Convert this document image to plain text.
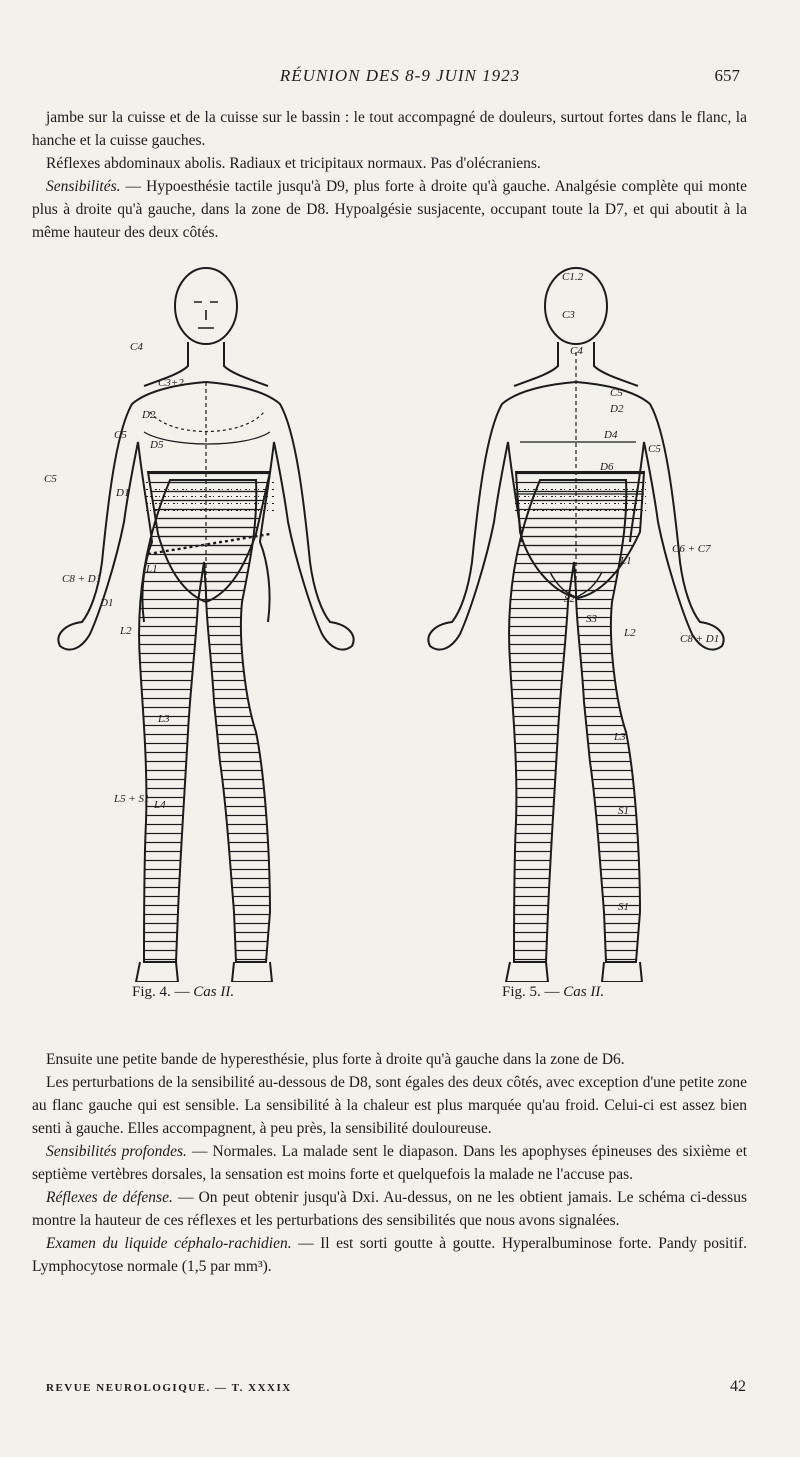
RÉUNION DES 8-9 JUIN 1923	657

jambe sur la cuisse et de la cuisse sur le bassin : le tout accompagné de douleurs, surtout fortes dans le flanc, la hanche et la cuisse gauches.

Réflexes abdominaux abolis. Radiaux et tricipitaux normaux. Pas d'olécraniens.

Sensibilités. — Hypoesthésie tactile jusqu'à D9, plus forte à droite qu'à gauche. Analgésie complète qui monte plus à droite qu'à gauche, dans la zone de D8. Hypoalgésie susjacente, occupant toute la D7, et qui aboutit à la même hauteur des deux côtés.

C4
C3+2
C5
D2
D5
D1
C5
C8 + D1
L1
L2
L3
L4
L5 + S1
D1
C1.2
C3
C4
C5
D2
D4
D6
C5
C6 + C7
C8 + D1
L1
S3
L2
L3
S2
S1
S1
Fig. 4. — Cas II.	Fig. 5. — Cas II.

Ensuite une petite bande de hyperesthésie, plus forte à droite qu'à gauche dans la zone de D6.

Les perturbations de la sensibilité au-dessous de D8, sont égales des deux côtés, avec exception d'une petite zone au flanc gauche qui est sensible. La sensibilité à la chaleur est plus marquée qu'au froid. Celui-ci est assez bien senti à gauche. Elles accompagnent, à peu près, la sensibilité douloureuse.

Sensibilités profondes. — Normales. La malade sent le diapason. Dans les apophyses épineuses des sixième et septième vertèbres dorsales, la sensation est moins forte et quelquefois la malade ne l'accuse pas.

Réflexes de défense. — On peut obtenir jusqu'à Dxi. Au-dessus, on ne les obtient jamais. Le schéma ci-dessus montre la hauteur de ces réflexes et les perturbations des sensibilités que nous avons signalées.

Examen du liquide céphalo-rachidien. — Il est sorti goutte à goutte. Hyperalbuminose forte. Pandy positif. Lymphocytose normale (1,5 par mm³).

REVUE NEUROLOGIQUE. — T. XXXIX	42
